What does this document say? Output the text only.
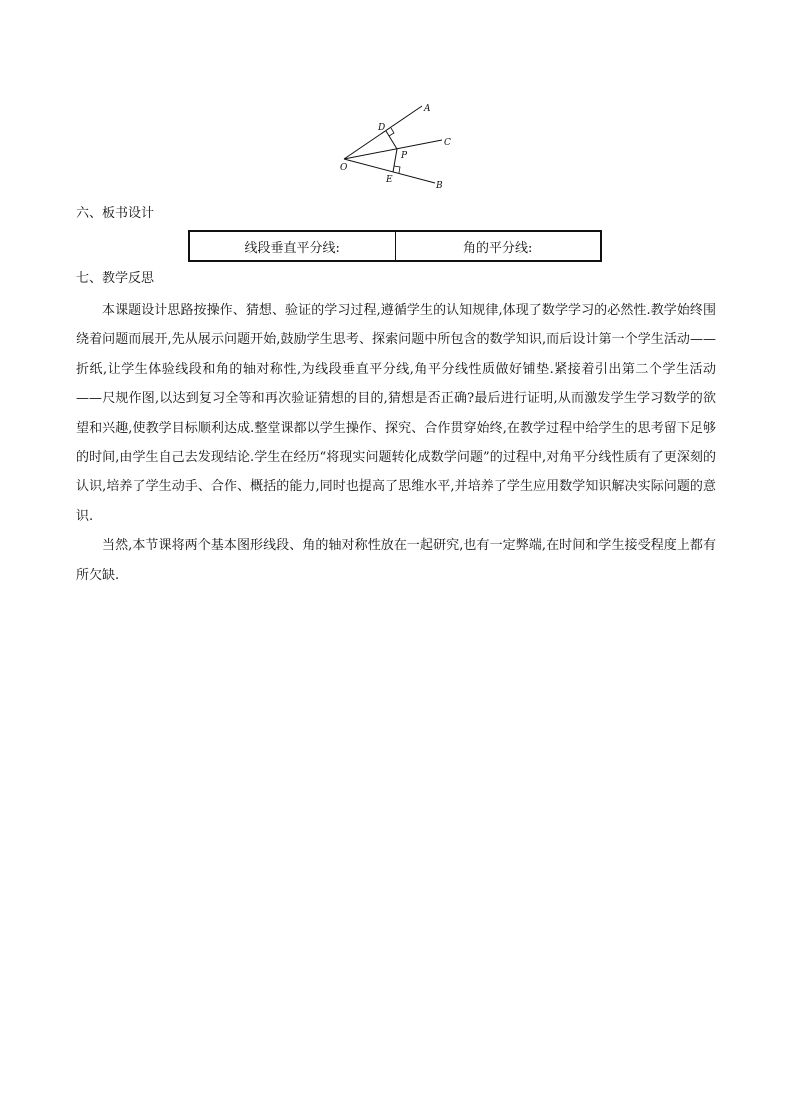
A
C
B
D
P
E
O
六、板书设计
线段垂直平分线:	角的平分线:
七、教学反思

本课题设计思路按操作、猜想、验证的学习过程,遵循学生的认知规律,体现了数学学习的必然性.教学始终围绕着问题而展开,先从展示问题开始,鼓励学生思考、探索问题中所包含的数学知识,而后设计第一个学生活动——折纸,让学生体验线段和角的轴对称性,为线段垂直平分线,角平分线性质做好铺垫.紧接着引出第二个学生活动——尺规作图,以达到复习全等和再次验证猜想的目的,猜想是否正确?最后进行证明,从而激发学生学习数学的欲望和兴趣,使教学目标顺利达成.整堂课都以学生操作、探究、合作贯穿始终,在教学过程中给学生的思考留下足够的时间,由学生自己去发现结论.学生在经历“将现实问题转化成数学问题”的过程中,对角平分线性质有了更深刻的认识,培养了学生动手、合作、概括的能力,同时也提高了思维水平,并培养了学生应用数学知识解决实际问题的意识.

当然,本节课将两个基本图形线段、角的轴对称性放在一起研究,也有一定弊端,在时间和学生接受程度上都有所欠缺.
